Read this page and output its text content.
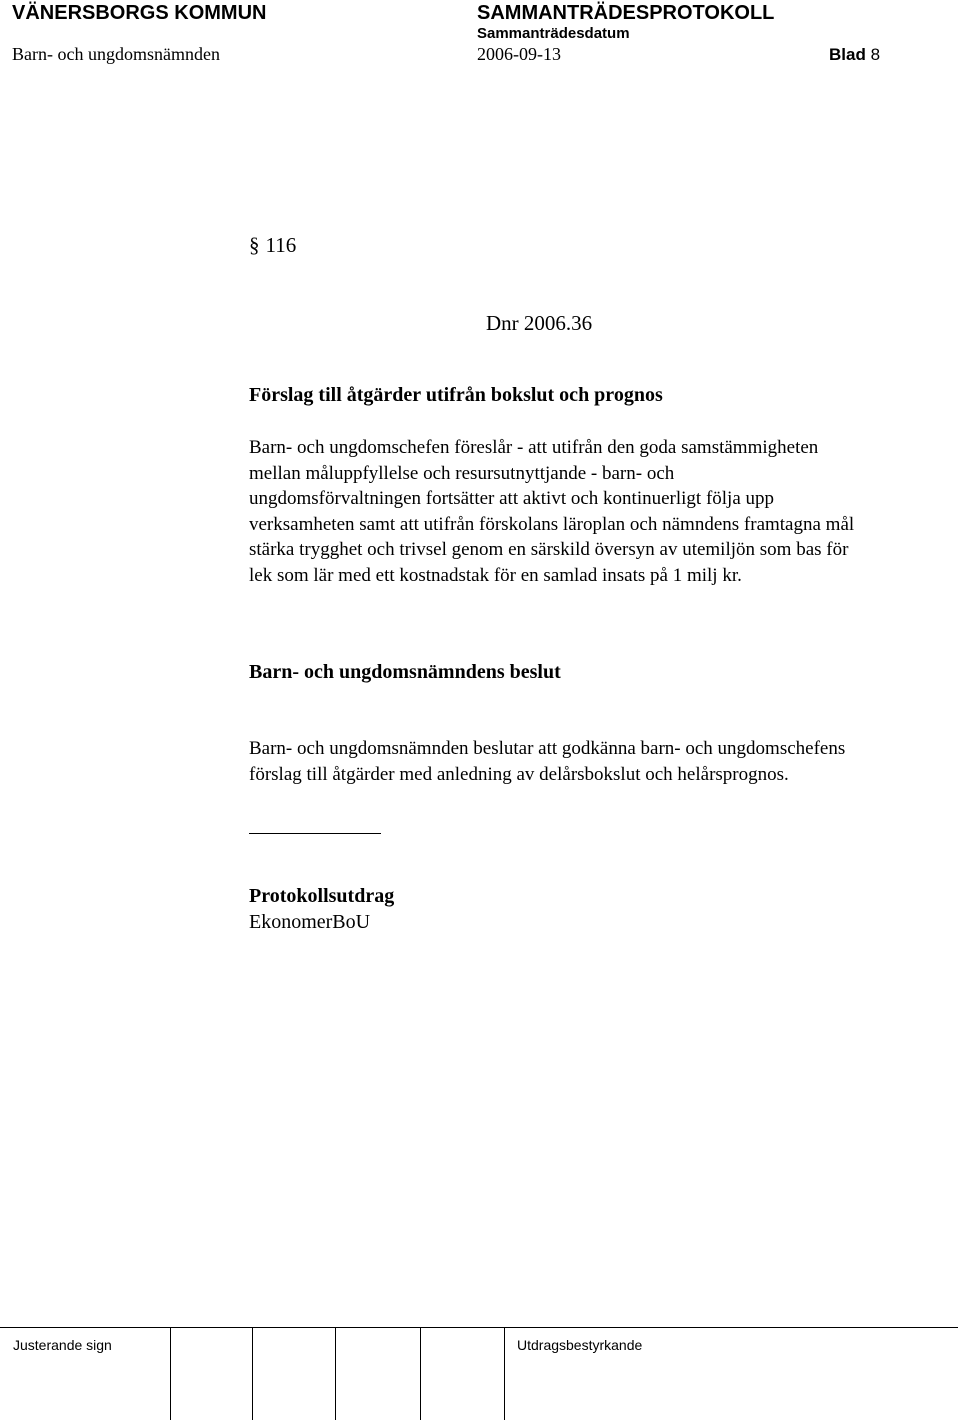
VÄNERSBORGS KOMMUN	SAMMANTRÄDESPROTOKOLL
Sammanträdesdatum
Barn- och ungdomsnämnden	2006-09-13	Blad 8
§ 116
Dnr 2006.36
Förslag till åtgärder utifrån bokslut och prognos
Barn- och ungdomschefen föreslår - att utifrån den goda samstämmigheten
mellan måluppfyllelse och resursutnyttjande - barn- och
ungdomsförvaltningen fortsätter att aktivt och kontinuerligt följa upp
verksamheten samt att utifrån förskolans läroplan och nämndens framtagna mål
stärka trygghet och trivsel genom en särskild översyn av utemiljön som bas för
lek som lär med ett kostnadstak för en samlad insats på 1 milj kr.
Barn- och ungdomsnämndens beslut
Barn- och ungdomsnämnden beslutar att godkänna barn- och ungdomschefens
förslag till åtgärder med anledning av delårsbokslut och helårsprognos.
Protokollsutdrag
EkonomerBoU
Justerande sign	Utdragsbestyrkande
